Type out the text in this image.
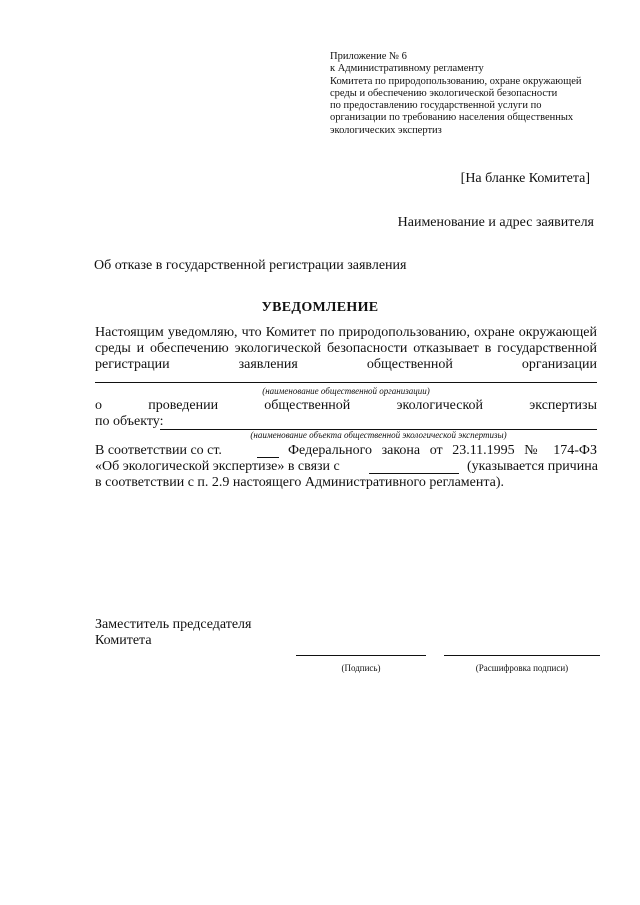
Приложение № 6
к Административному регламенту
Комитета по природопользованию, охране окружающей
среды и обеспечению экологической безопасности
по предоставлению государственной услуги по
организации по требованию населения общественных
экологических экспертиз
[На бланке Комитета]
Наименование и адрес заявителя
Об отказе в государственной регистрации заявления
УВЕДОМЛЕНИЕ
Настоящим уведомляю, что Комитет по природопользованию, охране окружающей
среды и обеспечению экологической безопасности отказывает в государственной
регистрации заявления общественной организации
(наименование общественной организации)
о проведении общественной экологической экспертизы
по объекту:
(наименование объекта общественной экологической экспертизы)
В соответствии со ст.	Федерального закона от 23.11.1995 № 174-ФЗ
«Об экологической экспертизе» в связи с	(указывается причина
в соответствии с п. 2.9 настоящего Административного регламента).
Заместитель председателя
Комитета
(Подпись)	(Расшифровка подписи)
